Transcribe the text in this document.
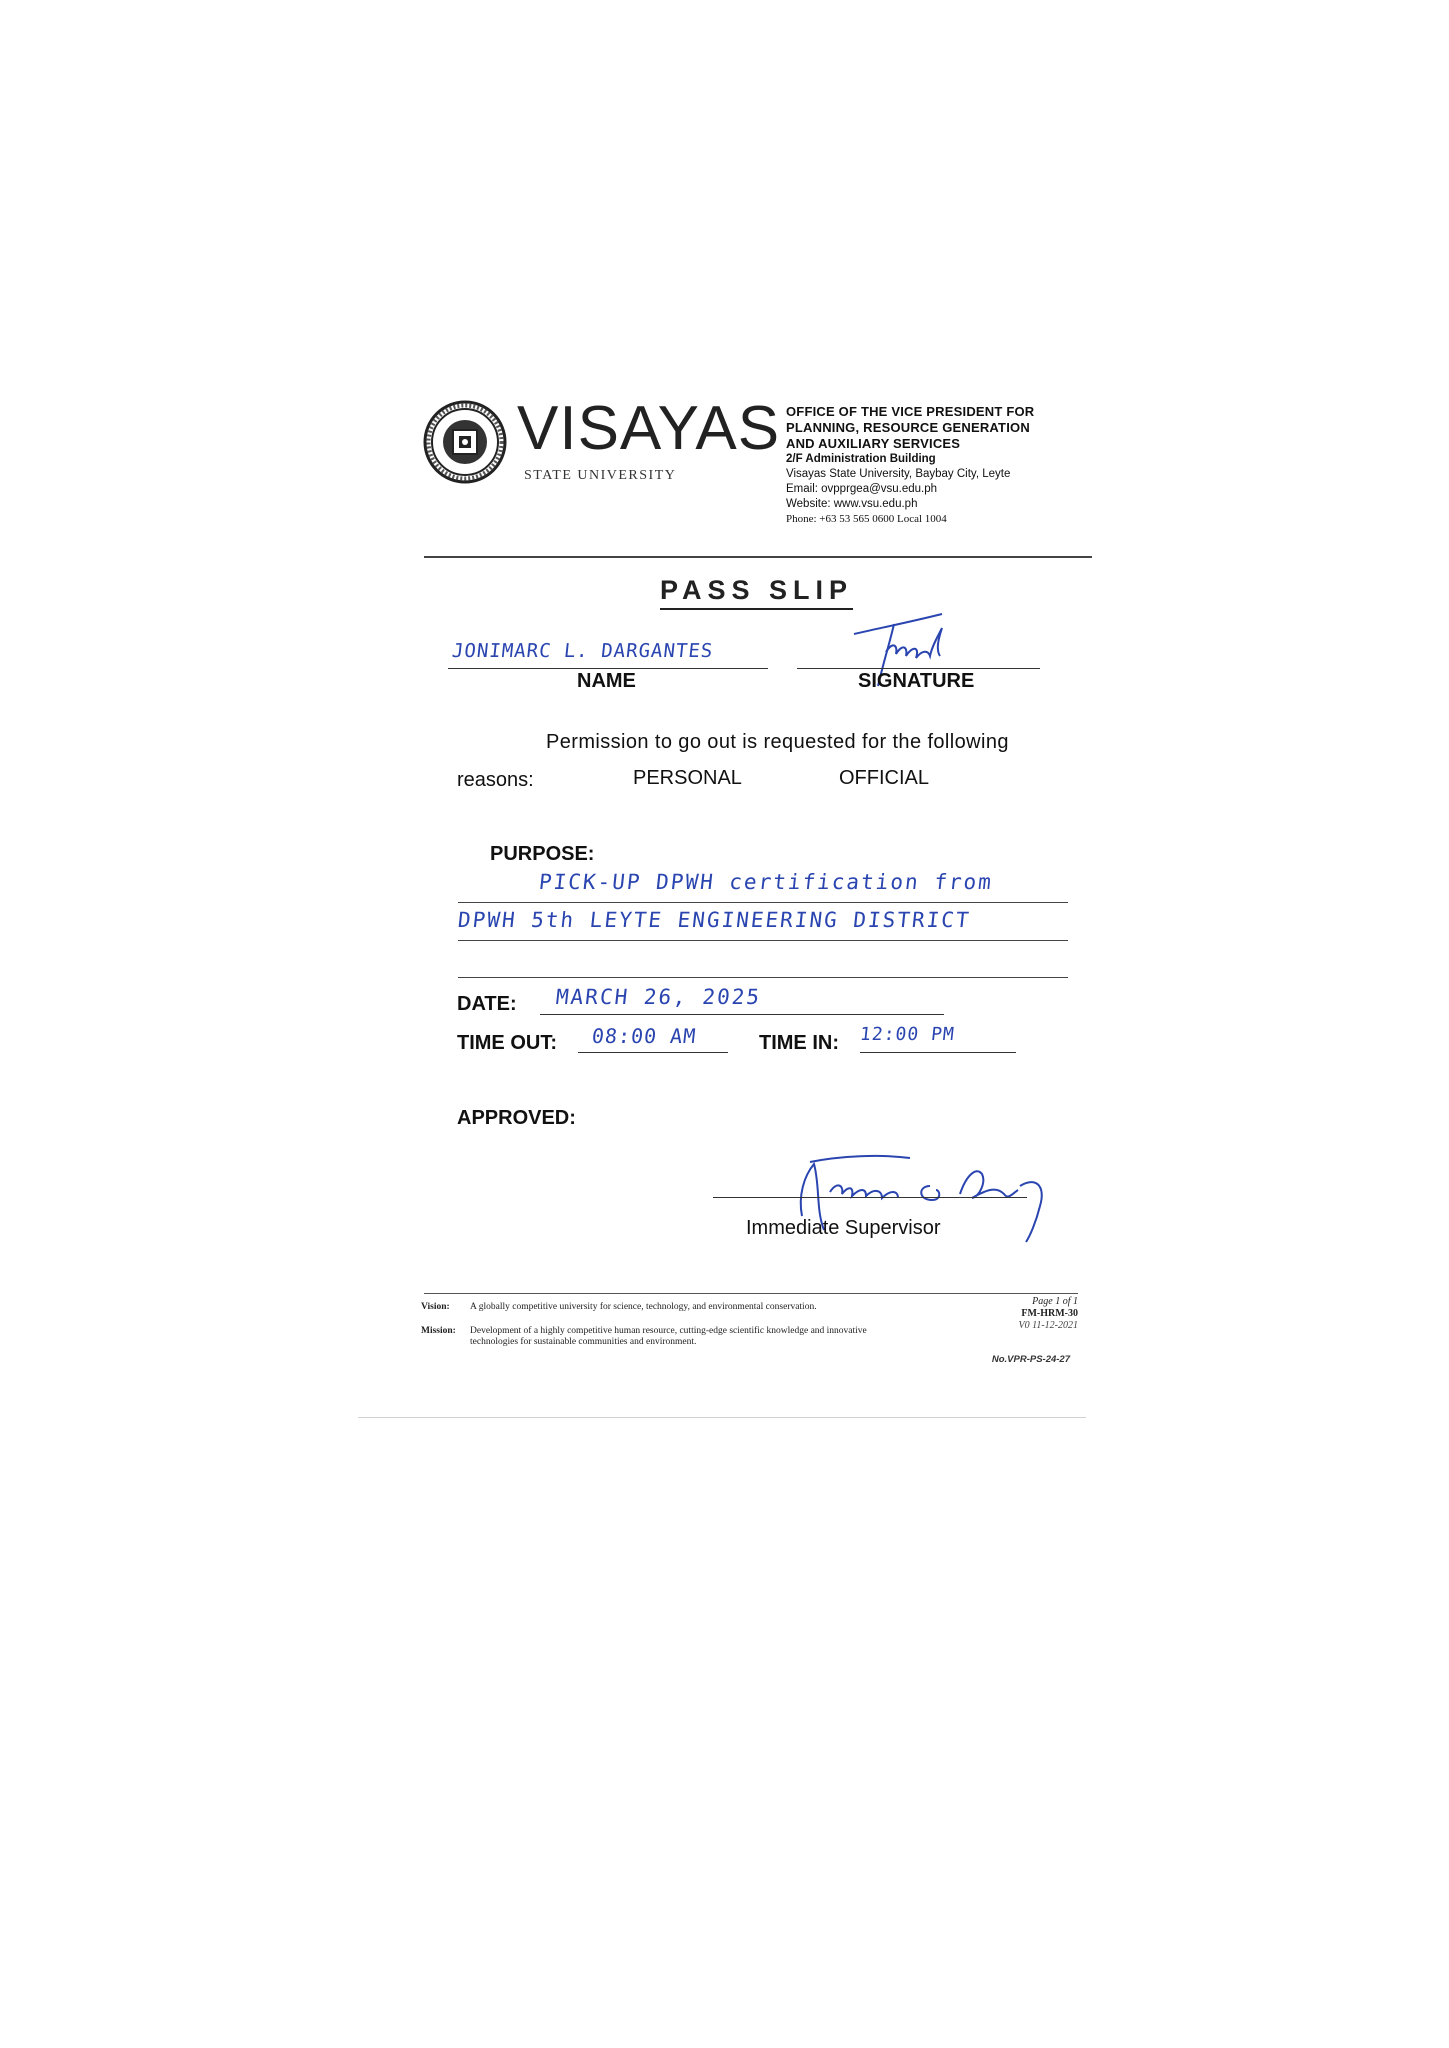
VISAYAS
STATE UNIVERSITY
OFFICE OF THE VICE PRESIDENT FOR
PLANNING, RESOURCE GENERATION
AND AUXILIARY SERVICES
2/F Administration Building
Visayas State University, Baybay City, Leyte
Email: ovpprgea@vsu.edu.ph
Website: www.vsu.edu.ph
Phone: +63 53 565 0600 Local 1004
PASS SLIP
JONIMARC L. DARGANTES
NAME	SIGNATURE
Permission to go out is requested for the following
reasons:	PERSONAL	OFFICIAL
PURPOSE:
PICK-UP DPWH certification from
DPWH 5th LEYTE ENGINEERING DISTRICT
DATE: MARCH 26, 2025
TIME OUT: 08:00 AM	TIME IN: 12:00 PM
APPROVED:
Immediate Supervisor
Vision: A globally competitive university for science, technology, and environmental conservation.
Mission: Development of a highly competitive human resource, cutting-edge scientific knowledge and innovative technologies for sustainable communities and environment.
Page 1 of 1
FM-HRM-30
V0 11-12-2021
No.VPR-PS-24-27
